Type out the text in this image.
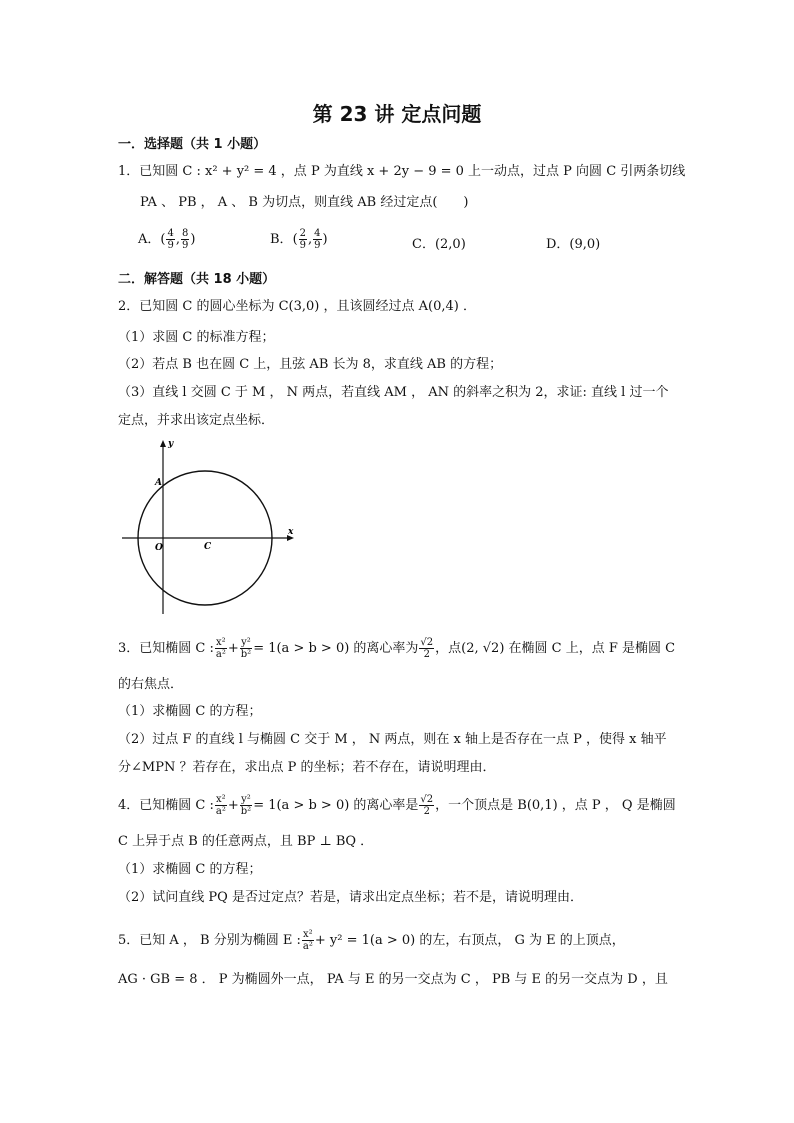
第 23 讲 定点问题
一．选择题（共 1 小题）
1．已知圆 C : x² + y² = 4 ，点 P 为直线 x + 2y − 9 = 0 上一动点，过点 P 向圆 C 引两条切线
PA 、 PB ， A 、 B 为切点，则直线 AB 经过定点(　　)
A．( $\frac{4}{9}$ , $\frac{8}{9}$ )	B．( $\frac{2}{9}$ , $\frac{4}{9}$ )	C．(2,0)	D．(9,0)
二．解答题（共 18 小题）
2．已知圆 C 的圆心坐标为 C(3,0) ，且该圆经过点 A(0,4) ．
（1）求圆 C 的标准方程；
（2）若点 B 也在圆 C 上，且弦 AB 长为 8，求直线 AB 的方程；
（3）直线 l 交圆 C 于 M ， N 两点，若直线 AM ， AN 的斜率之积为 2，求证: 直线 l 过一个
定点，并求出该定点坐标．
y
x
A
O	C
3．已知椭圆 C : $\frac{\text{x²}}{\text{a²}} + \frac{\text{y²}}{\text{b²}} = 1(a > b > 0)$ 的离心率为 $\frac{√2}{2}$ ，点(2, √2) 在椭圆 C 上，点 F 是椭圆 C
的右焦点．
（1）求椭圆 C 的方程；
（2）过点 F 的直线 l 与椭圆 C 交于 M ， N 两点，则在 x 轴上是否存在一点 P ，使得 x 轴平
分∠MPN ？若存在，求出点 P 的坐标；若不存在，请说明理由．
4．已知椭圆 C : $\frac{\text{x²}}{\text{a²}} + \frac{\text{y²}}{\text{b²}} = 1(a > b > 0)$ 的离心率是 $\frac{√2}{2}$ ，一个顶点是 B(0,1) ，点 P ， Q 是椭圆
C 上异于点 B 的任意两点，且 BP ⊥ BQ ．
（1）求椭圆 C 的方程；
（2）试问直线 PQ 是否过定点？若是，请求出定点坐标；若不是，请说明理由．
5．已知 A ， B 分别为椭圆 E : $\frac{\text{x²}}{\text{a²}} + y^2 = 1(a > 0)$ 的左，右顶点， G 为 E 的上顶点，
AG · GB = 8 ． P 为椭圆外一点， PA 与 E 的另一交点为 C ， PB 与 E 的另一交点为 D ，且
